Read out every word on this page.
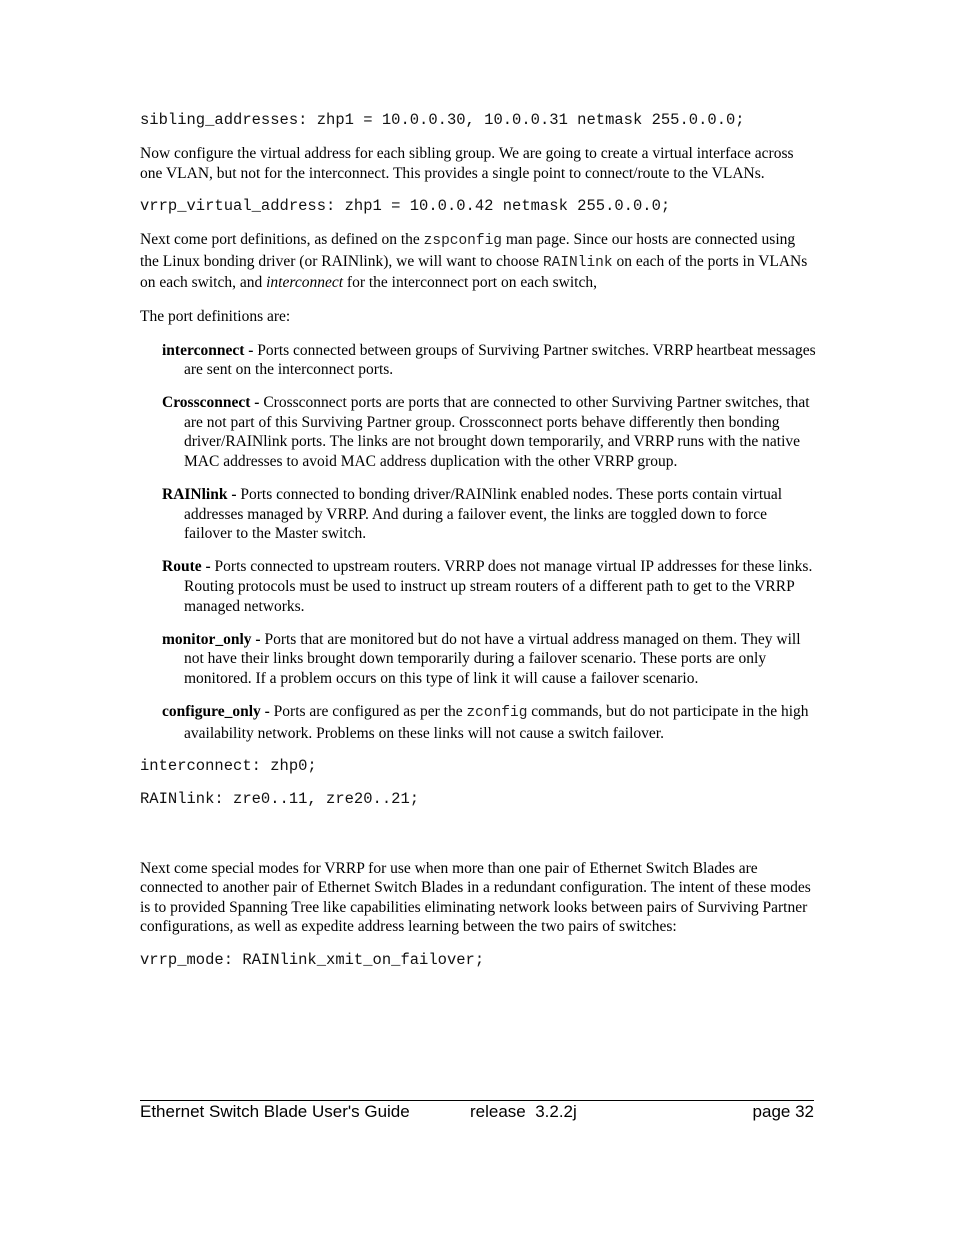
sibling_addresses: zhp1 = 10.0.0.30, 10.0.0.31 netmask 255.0.0.0;

Now configure the virtual address for each sibling group. We are going to create a virtual interface across one VLAN, but not for the interconnect. This provides a single point to connect/route to the VLANs.

vrrp_virtual_address: zhp1 = 10.0.0.42 netmask 255.0.0.0;

Next come port definitions, as defined on the zspconfig man page. Since our hosts are connected using the Linux bonding driver (or RAINlink), we will want to choose RAINlink on each of the ports in VLANs on each switch, and interconnect for the interconnect port on each switch,

The port definitions are:

interconnect - Ports connected between groups of Surviving Partner switches. VRRP heartbeat messages are sent on the interconnect ports.
Crossconnect - Crossconnect ports are ports that are connected to other Surviving Partner switches, that are not part of this Surviving Partner group. Crossconnect ports behave differently then bonding driver/RAINlink ports. The links are not brought down temporarily, and VRRP runs with the native MAC addresses to avoid MAC address duplication with the other VRRP group.
RAINlink - Ports connected to bonding driver/RAINlink enabled nodes. These ports contain virtual addresses managed by VRRP. And during a failover event, the links are toggled down to force failover to the Master switch.
Route - Ports connected to upstream routers. VRRP does not manage virtual IP addresses for these links. Routing protocols must be used to instruct up stream routers of a different path to get to the VRRP managed networks.
monitor_only - Ports that are monitored but do not have a virtual address managed on them. They will not have their links brought down temporarily during a failover scenario. These ports are only monitored. If a problem occurs on this type of link it will cause a failover scenario.
configure_only - Ports are configured as per the zconfig commands, but do not participate in the high availability network. Problems on these links will not cause a switch failover.
interconnect: zhp0;
RAINlink: zre0..11, zre20..21;

Next come special modes for VRRP for use when more than one pair of Ethernet Switch Blades are connected to another pair of Ethernet Switch Blades in a redundant configuration. The intent of these modes is to provided Spanning Tree like capabilities eliminating network looks between pairs of Surviving Partner configurations, as well as expedite address learning between the two pairs of switches:

vrrp_mode: RAINlink_xmit_on_failover;
Ethernet Switch Blade User's Guide	release  3.2.2j	page 32
